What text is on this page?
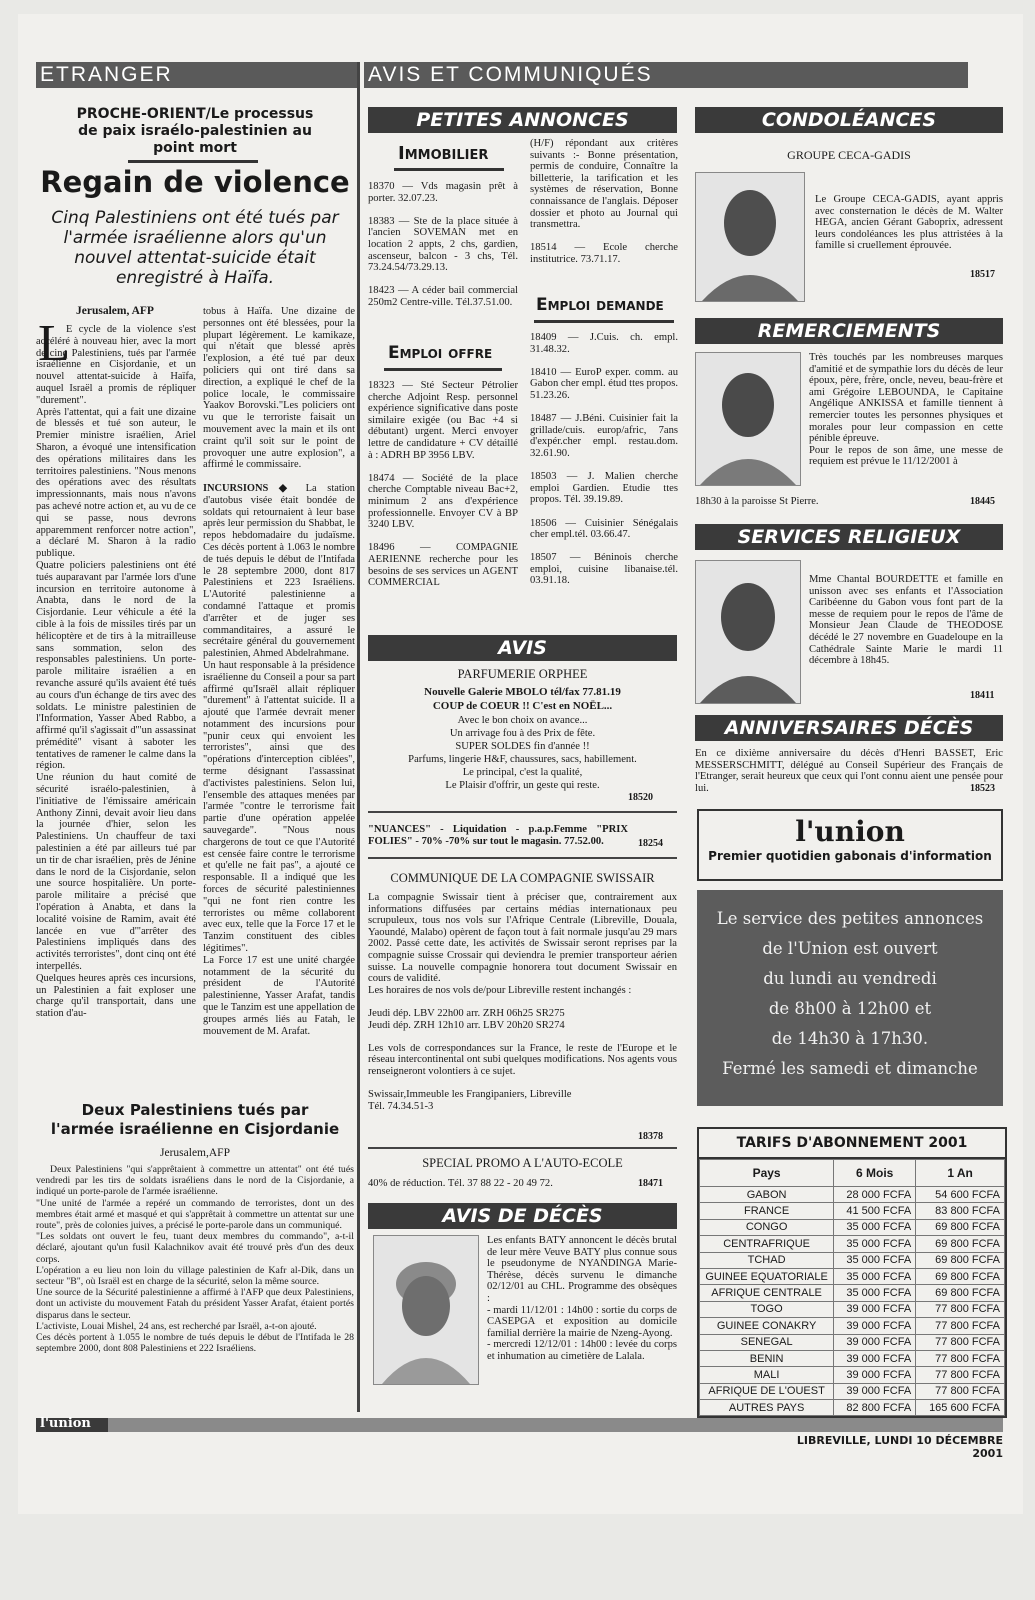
ETRANGER	AVIS ET COMMUNIQUÉS
PROCHE-ORIENT/Le processus
de paix israélo-palestinien au
point mort
Regain de violence
Cinq Palestiniens ont été tués par l'armée israélienne alors qu'un nouvel attentat-suicide était enregistré à Haïfa.
Jerusalem, AFP
L
E cycle de la violence s'est accéléré à nouveau hier, avec la mort de cinq Palestiniens, tués par l'armée israélienne en Cisjordanie, et un nouvel attentat-suicide à Haïfa, auquel Israël a promis de répliquer "durement".
Après l'attentat, qui a fait une dizaine de blessés et tué son auteur, le Premier ministre israélien, Ariel Sharon, a évoqué une intensification des opérations militaires dans les territoires palestiniens. "Nous menons des opérations avec des résultats impressionnants, mais nous n'avons pas achevé notre action et, au vu de ce qui se passe, nous devrons apparemment renforcer notre action", a déclaré M. Sharon à la radio publique.
Quatre policiers palestiniens ont été tués auparavant par l'armée lors d'une incursion en territoire autonome à Anabta, dans le nord de la Cisjordanie. Leur véhicule a été la cible à la fois de missiles tirés par un hélicoptère et de tirs à la mitrailleuse sans sommation, selon des responsables palestiniens. Un porte-parole militaire israélien a en revanche assuré qu'ils avaient été tués au cours d'un échange de tirs avec des soldats. Le ministre palestinien de l'Information, Yasser Abed Rabbo, a affirmé qu'il s'agissait d'"un assassinat prémédité" visant à saboter les tentatives de ramener le calme dans la région.
Une réunion du haut comité de sécurité israélo-palestinien, à l'initiative de l'émissaire américain Anthony Zinni, devait avoir lieu dans la journée d'hier, selon les Palestiniens. Un chauffeur de taxi palestinien a été par ailleurs tué par un tir de char israélien, près de Jénine dans le nord de la Cisjordanie, selon une source hospitalière. Un porte-parole militaire a précisé que l'opération à Anabta, et dans la localité voisine de Ramim, avait été lancée en vue d'"arrêter des Palestiniens impliqués dans des activités terroristes", dont cinq ont été interpellés.
Quelques heures après ces incursions, un Palestinien a fait exploser une charge qu'il transportait, dans une station d'au-
tobus à Haïfa. Une dizaine de personnes ont été blessées, pour la plupart légèrement. Le kamikaze, qui n'était que blessé après l'explosion, a été tué par deux policiers qui ont tiré dans sa direction, a expliqué le chef de la police locale, le commissaire Yaakov Borovski."Les policiers ont vu que le terroriste faisait un mouvement avec la main et ils ont craint qu'il soit sur le point de provoquer une autre explosion", a affirmé le commissaire.

INCURSIONS ◆ La station d'autobus visée était bondée de soldats qui retournaient à leur base après leur permission du Shabbat, le repos hebdomadaire du judaïsme. Ces décès portent à 1.063 le nombre de tués depuis le début de l'Intifada le 28 septembre 2000, dont 817 Palestiniens et 223 Israéliens. L'Autorité palestinienne a condamné l'attaque et promis d'arrêter et de juger ses commanditaires, a assuré le secrétaire général du gouvernement palestinien, Ahmed Abdelrahmane.
Un haut responsable à la présidence israélienne du Conseil a pour sa part affirmé qu'Israël allait répliquer "durement" à l'attentat suicide. Il a ajouté que l'armée devrait mener notamment des incursions pour "punir ceux qui envoient les terroristes", ainsi que des "opérations d'interception ciblées", terme désignant l'assassinat d'activistes palestiniens. Selon lui, l'ensemble des attaques menées par l'armée "contre le terrorisme fait partie d'une opération appelée sauvegarde". "Nous nous chargerons de tout ce que l'Autorité est censée faire contre le terrorisme et qu'elle ne fait pas", a ajouté ce responsable. Il a indiqué que les forces de sécurité palestiniennes "qui ne font rien contre les terroristes ou même collaborent avec eux, telle que la Force 17 et le Tanzim constituent des cibles légitimes".
La Force 17 est une unité chargée notamment de la sécurité du président de l'Autorité palestinienne, Yasser Arafat, tandis que le Tanzim est une appellation de groupes armés liés au Fatah, le mouvement de M. Arafat.
Deux Palestiniens tués par
l'armée israélienne en Cisjordanie
Jerusalem,AFP
Deux Palestiniens "qui s'apprêtaient à commettre un attentat" ont été tués vendredi par les tirs de soldats israéliens dans le nord de la Cisjordanie, a indiqué un porte-parole de l'armée israélienne.
"Une unité de l'armée a repéré un commando de terroristes, dont un des membres était armé et masqué et qui s'apprêtait à commettre un attentat sur une route", près de colonies juives, a précisé le porte-parole dans un communiqué.
"Les soldats ont ouvert le feu, tuant deux membres du commando", a-t-il déclaré, ajoutant qu'un fusil Kalachnikov avait été trouvé près d'un des deux corps.
L'opération a eu lieu non loin du village palestinien de Kafr al-Dik, dans un secteur "B", où Israël est en charge de la sécurité, selon la même source.
Une source de la Sécurité palestinienne a affirmé à l'AFP que deux Palestiniens, dont un activiste du mouvement Fatah du président Yasser Arafat, étaient portés disparus dans le secteur.
L'activiste, Louai Mishel, 24 ans, est recherché par Israël, a-t-on ajouté.
Ces décès portent à 1.055 le nombre de tués depuis le début de l'Intifada le 28 septembre 2000, dont 808 Palestiniens et 222 Israéliens.
PETITES ANNONCES
Immobilier
18370 — Vds magasin prêt à porter. 32.07.23.

18383 — Ste de la place située à l'ancien SOVEMAN met en location 2 appts, 2 chs, gardien, ascenseur, balcon - 3 chs, Tél. 73.24.54/73.29.13.

18423 — A céder bail commercial 250m2 Centre-ville. Tél.37.51.00.
Emploi offre
18323 — Sté Secteur Pétrolier cherche Adjoint Resp. personnel expérience significative dans poste similaire exigée (ou Bac +4 si débutant) urgent. Merci envoyer lettre de candidature + CV détaillé à : ADRH BP 3956 LBV.

18474 — Société de la place cherche Comptable niveau Bac+2, minimum 2 ans d'expérience professionnelle. Envoyer CV à BP 3240 LBV.

18496 — COMPAGNIE AERIENNE recherche pour les besoins de ses services un AGENT COMMERCIAL
(H/F) répondant aux critères suivants :- Bonne présentation, permis de conduire, Connaître la billetterie, la tarification et les systèmes de réservation, Bonne connaissance de l'anglais. Déposer dossier et photo au Journal qui transmettra.

18514 — Ecole cherche institutrice. 73.71.17.
Emploi demande
18409 — J.Cuis. ch. empl. 31.48.32.

18410 — EuroP exper. comm. au Gabon cher empl. étud ttes propos. 51.23.26.

18487 — J.Béni. Cuisinier fait la grillade/cuis. europ/afric, 7ans d'expér.cher empl. restau.dom. 32.61.90.

18503 — J. Malien cherche emploi Gardien. Etudie ttes propos. Tél. 39.19.89.

18506 — Cuisinier Sénégalais cher empl.tél. 03.66.47.

18507 — Béninois cherche emploi, cuisine libanaise.tél. 03.91.18.
AVIS
PARFUMERIE ORPHEE
Nouvelle Galerie MBOLO tél/fax 77.81.19
COUP de COEUR !! C'est en NOËL...
Avec le bon choix on avance...
Un arrivage fou à des Prix de fête.
SUPER SOLDES fin d'année !!
Parfums, lingerie H&F, chaussures, sacs, habillement.
Le principal, c'est la qualité,
Le Plaisir d'offrir, un geste qui reste.
18520
"NUANCES" - Liquidation - p.a.p.Femme "PRIX FOLIES" - 70% -70% sur tout le magasin. 77.52.00.	18254
COMMUNIQUE DE LA COMPAGNIE SWISSAIR
La compagnie Swissair tient à préciser que, contrairement aux informations diffusées par certains médias internationaux peu scrupuleux, tous nos vols sur l'Afrique Centrale (Libreville, Douala, Yaoundé, Malabo) opèrent de façon tout à fait normale jusqu'au 29 mars 2002. Passé cette date, les activités de Swissair seront reprises par la compagnie suisse Crossair qui deviendra le premier transporteur aérien suisse. La nouvelle compagnie honorera tout document Swissair en cours de validité.
Les horaires de nos vols de/pour Libreville restent inchangés :

Jeudi dép. LBV 22h00 arr. ZRH 06h25 SR275
Jeudi dép. ZRH 12h10 arr. LBV 20h20 SR274

Les vols de correspondances sur la France, le reste de l'Europe et le réseau intercontinental ont subi quelques modifications. Nos agents vous renseigneront volontiers à ce sujet.

Swissair,Immeuble les Frangipaniers, Libreville
Tél. 74.34.51-3
18378
SPECIAL PROMO A L'AUTO-ECOLE
40% de réduction. Tél. 37 88 22 - 20 49 72.	18471
AVIS DE DÉCÈS
Les enfants BATY annoncent le décès brutal de leur mère Veuve BATY plus connue sous le pseudonyme de NYANDINGA Marie-Thérèse, décès survenu le dimanche 02/12/01 au CHL. Programme des obsèques :
- mardi 11/12/01 : 14h00 : sortie du corps de CASEPGA et exposition au domicile familial derrière la mairie de Nzeng-Ayong.
- mercredi 12/12/01 : 14h00 : levée du corps et inhumation au cimetière de Lalala.
CONDOLÉANCES
GROUPE CECA-GADIS
Le Groupe CECA-GADIS, ayant appris avec consternation le décès de M. Walter HEGA, ancien Gérant Gaboprix, adressent leurs condoléances les plus attristées à la famille si cruellement éprouvée.
18517
REMERCIEMENTS
Très touchés par les nombreuses marques d'amitié et de sympathie lors du décès de leur époux, père, frère, oncle, neveu, beau-frère et ami Grégoire LEBOUNDA, le Capitaine Angélique ANKISSA et famille tiennent à remercier toutes les personnes physiques et morales pour leur compassion en cette pénible épreuve.
Pour le repos de son âme, une messe de requiem est prévue le 11/12/2001 à
18h30 à la paroisse St Pierre.	18445
SERVICES RELIGIEUX
Mme Chantal BOURDETTE et famille en unisson avec ses enfants et l'Association Caribéenne du Gabon vous font part de la messe de requiem pour le repos de l'âme de Monsieur Jean Claude de THEODOSE décédé le 27 novembre en Guadeloupe en la Cathédrale Sainte Marie le mardi 11 décembre à 18h45.
18411
ANNIVERSAIRES DÉCÈS
En ce dixième anniversaire du décès d'Henri BASSET, Eric MESSERSCHMITT, délégué au Conseil Supérieur des Français de l'Etranger, serait heureux que ceux qui l'ont connu aient une pensée pour lui.	18523
l'union
Premier quotidien gabonais d'information
Le service des petites annonces
de l'Union est ouvert
du lundi au vendredi
de 8h00 à 12h00 et
de 14h30 à 17h30.
Fermé les samedi et dimanche
TARIFS D'ABONNEMENT 2001
Pays	6 Mois	1 An
GABON	28 000 FCFA	54 600 FCFA
FRANCE	41 500 FCFA	83 800 FCFA
CONGO	35 000 FCFA	69 800 FCFA
CENTRAFRIQUE	35 000 FCFA	69 800 FCFA
TCHAD	35 000 FCFA	69 800 FCFA
GUINEE EQUATORIALE	35 000 FCFA	69 800 FCFA
AFRIQUE CENTRALE	35 000 FCFA	69 800 FCFA
TOGO	39 000 FCFA	77 800 FCFA
GUINEE CONAKRY	39 000 FCFA	77 800 FCFA
SENEGAL	39 000 FCFA	77 800 FCFA
BENIN	39 000 FCFA	77 800 FCFA
MALI	39 000 FCFA	77 800 FCFA
AFRIQUE DE L'OUEST	39 000 FCFA	77 800 FCFA
AUTRES PAYS	82 800 FCFA	165 600 FCFA
l'union
LIBREVILLE, LUNDI 10 DÉCEMBRE 2001
